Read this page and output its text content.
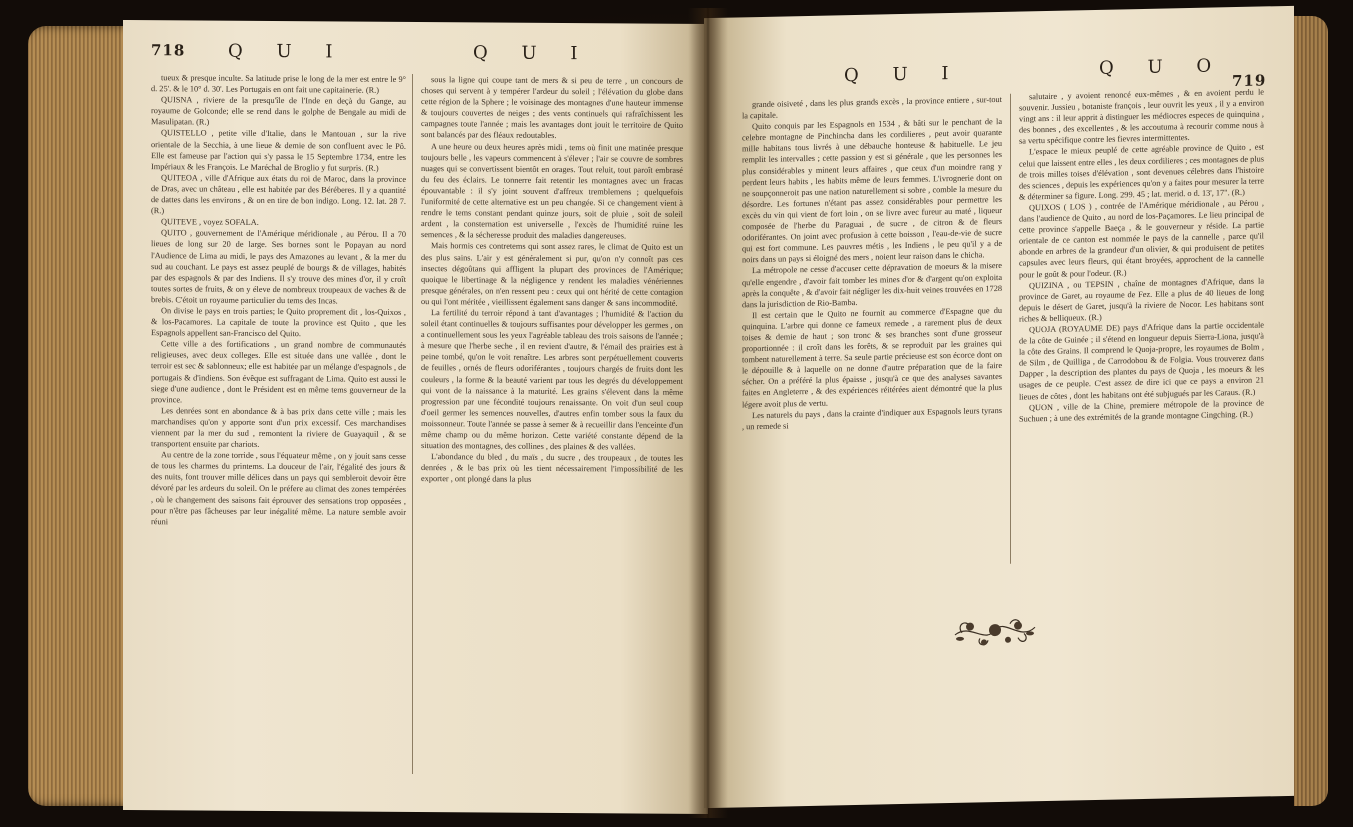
718 Q U I	Q U I

tueux & presque inculte. Sa latitude prise le long de la mer est entre le 9° d. 25'. & le 10° d. 30'. Les Portugais en ont fait une capitainerie. (R.)

QUISNA , riviere de la presqu'île de l'Inde en deçà du Gange, au royaume de Golconde; elle se rend dans le golphe de Bengale au midi de Masulipatan. (R.)

QUISTELLO , petite ville d'Italie, dans le Mantouan , sur la rive orientale de la Secchia, à une lieue & demie de son confluent avec le Pô. Elle est fameuse par l'action qui s'y passa le 15 Septembre 1734, entre les Impériaux & les François. Le Maréchal de Broglio y fut surpris. (R.)

QUITEOA , ville d'Afrique aux états du roi de Maroc, dans la province de Dras, avec un château , elle est habitée par des Béréberes. Il y a quantité de dattes dans les environs , & on en tire de bon indigo. Long. 12. lat. 28 7. (R.)

QUITEVE , voyez SOFALA.

QUITO , gouvernement de l'Amérique méridionale , au Pérou. Il a 70 lieues de long sur 20 de large. Ses bornes sont le Popayan au nord l'Audience de Lima au midi, le pays des Amazones au levant , & la mer du sud au couchant. Le pays est assez peuplé de bourgs & de villages, habités par des espagnols & par des Indiens. Il s'y trouve des mines d'or, il y croît toutes sortes de fruits, & on y éleve de nombreux troupeaux de vaches & de brebis. C'étoit un royaume particulier du tems des Incas.

On divise le pays en trois parties; le Quito proprement dit , los-Quixos , & los-Pacamores. La capitale de toute la province est Quito , que les Espagnols appellent san-Francisco del Quito.

Cette ville a des fortifications , un grand nombre de communautés religieuses, avec deux colleges. Elle est située dans une vallée , dont le terroir est sec & sablonneux; elle est habitée par un mélange d'espagnols , de portugais & d'indiens. Son évêque est suffragant de Lima. Quito est aussi le siege d'une audience , dont le Président est en même tems gouverneur de la province.

Les denrées sont en abondance & à bas prix dans cette ville ; mais les marchandises qu'on y apporte sont d'un prix excessif. Ces marchandises viennent par la mer du sud , remontent la riviere de Guayaquil , & se transportent ensuite par chariots.

Au centre de la zone torride , sous l'équateur même , on y jouit sans cesse de tous les charmes du printems. La douceur de l'air, l'égalité des jours & des nuits, font trouver mille délices dans un pays qui sembleroit devoir être dévoré par les ardeurs du soleil. On le préfere au climat des zones tempérées , où le changement des saisons fait éprouver des sensations trop opposées , pour n'être pas fâcheuses par leur inégalité même. La nature semble avoir réuni

sous la ligne qui coupe tant de mers & si peu de terre , un concours de choses qui servent à y tempérer l'ardeur du soleil ; l'élévation du globe dans cette région de la Sphere ; le voisinage des montagnes d'une hauteur immense & toujours couvertes de neiges ; des vents continuels qui rafraîchissent les campagnes toute l'année ; mais les avantages dont jouit le territoire de Quito sont balancés par des fléaux redoutables.

A une heure ou deux heures après midi , tems où finit une matinée presque toujours belle , les vapeurs commencent à s'élever ; l'air se couvre de sombres nuages qui se convertissent bientôt en orages. Tout reluit, tout paroît embrasé du feu des éclairs. Le tonnerre fait retentir les montagnes avec un fracas épouvantable : il s'y joint souvent d'affreux tremblemens ; quelquefois l'uniformité de cette alternative est un peu changée. Si ce changement vient à rendre le tems constant pendant quinze jours, soit de pluie , soit de soleil ardent , la consternation est universelle , l'excès de l'humidité ruine les semences , & la sécheresse produit des maladies dangereuses.

Mais hormis ces contretems qui sont assez rares, le climat de Quito est un des plus sains. L'air y est généralement si pur, qu'on n'y connoît pas ces insectes dégoûtans qui affligent la plupart des provinces de l'Amérique; quoique le libertinage & la négligence y rendent les maladies vénériennes presque générales, on n'en ressent peu : ceux qui ont hérité de cette contagion ou qui l'ont méritée , vieillissent également sans danger & sans incommodité.

La fertilité du terroir répond à tant d'avantages ; l'humidité & l'action du soleil étant continuelles & toujours suffisantes pour développer les germes , on a continuellement sous les yeux l'agréable tableau des trois saisons de l'année ; à mesure que l'herbe seche , il en revient d'autre, & l'émail des prairies est à peine tombé, qu'on le voit renaître. Les arbres sont perpétuellement couverts de feuilles , ornés de fleurs odoriférantes , toujours chargés de fruits dont les couleurs , la forme & la beauté varient par tous les degrés du développement qui vont de la naissance à la maturité. Les grains s'élevent dans la même progression par une fécondité toujours renaissante. On voit d'un seul coup d'oeil germer les semences nouvelles, d'autres enfin tomber sous la faux du moissonneur. Toute l'année se passe à semer & à recueillir dans l'enceinte d'un même champ ou du même horizon. Cette variété constante dépend de la situation des montagnes, des collines , des plaines & des vallées.

L'abondance du bled , du maïs , du sucre , des troupeaux , de toutes les denrées , & le bas prix où les tient nécessairement l'impossibilité de les exporter , ont plongé dans la plus

Q U I	Q U O
719

grande oisiveté , dans les plus grands excès , la province entiere , sur-tout la capitale.

Quito conquis par les Espagnols en 1534 , & bâti sur le penchant de la celebre montagne de Pinchincha dans les cordilieres , peut avoir quarante mille habitans tous livrés à une débauche honteuse & habituelle. Le jeu remplit les intervalles ; cette passion y est si générale , que les personnes les plus considérables y minent leurs affaires , que ceux d'un moindre rang y perdent leurs habits , les habits même de leurs femmes. L'ivrognerie dont on ne soupçonneroit pas une nation naturellement si sobre , comble la mesure du désordre. Les fortunes n'étant pas assez considérables pour permettre les excès du vin qui vient de fort loin , on se livre avec fureur au maté , liqueur composée de l'herbe du Paraguai , de sucre , de citron & de fleurs odoriférantes. On joint avec profusion à cette boisson , l'eau-de-vie de sucre qui est fort commune. Les pauvres métis , les Indiens , le peu qu'il y a de noirs dans un pays si éloigné des mers , noient leur raison dans le chicha.

La métropole ne cesse d'accuser cette dépravation de moeurs & la misere qu'elle engendre , d'avoir fait tomber les mines d'or & d'argent qu'on exploita après la conquête , & d'avoir fait négliger les dix-huit veines trouvées en 1728 dans la jurisdiction de Rio-Bamba.

Il est certain que le Quito ne fournit au commerce d'Espagne que du quinquina. L'arbre qui donne ce fameux remede , a rarement plus de deux toises & demie de haut ; son tronc & ses branches sont d'une grosseur proportionnée : il croît dans les forêts, & se reproduit par les graines qui tombent naturellement à terre. Sa seule partie précieuse est son écorce dont on le dépouille & à laquelle on ne donne d'autre préparation que de la faire sécher. On a préféré la plus épaisse , jusqu'à ce que des analyses savantes faites en Angleterre , & des expériences réitérées aient démontré que la plus légere avoit plus de vertu.

Les naturels du pays , dans la crainte d'indiquer aux Espagnols leurs tyrans , un remede si

salutaire , y avoient renoncé eux-mêmes , & en avoient perdu le souvenir. Jussieu , botaniste françois , leur ouvrit les yeux , il y a environ vingt ans : il leur apprit à distinguer les médiocres especes de quinquina , des bonnes , des excellentes , & les accoutuma à recourir comme nous à sa vertu spécifique contre les fievres intermittentes.

L'espace le mieux peuplé de cette agréable province de Quito , est celui que laissent entre elles , les deux cordilieres ; ces montagnes de plus de trois milles toises d'élévation , sont devenues célebres dans l'histoire des sciences , depuis les expériences qu'on y a faites pour mesurer la terre & déterminer sa figure. Long. 299. 45 ; lat. merid. o d. 13', 17". (R.)

QUIXOS ( LOS ) , contrée de l'Amérique méridionale , au Pérou , dans l'audience de Quito , au nord de los-Paçamores. Le lieu principal de cette province s'appelle Baeça , & le gouverneur y réside. La partie orientale de ce canton est nommée le pays de la cannelle , parce qu'il abonde en arbres de la grandeur d'un olivier, & qui produisent de petites capsules avec leurs fleurs, qui étant broyées, approchent de la cannelle pour le goût & pour l'odeur. (R.)

QUIZINA , ou TEPSIN , chaîne de montagnes d'Afrique, dans la province de Garet, au royaume de Fez. Elle a plus de 40 lieues de long depuis le désert de Garet, jusqu'à la riviere de Nocor. Les habitans sont riches & belliqueux. (R.)

QUOJA (ROYAUME DE) pays d'Afrique dans la partie occidentale de la côte de Guinée ; il s'étend en longueur depuis Sierra-Liona, jusqu'à la côte des Grains. Il comprend le Quoja-propre, les royaumes de Bolm , de Silm , de Quilliga , de Carrodobou & de Folgia. Vous trouverez dans Dapper , la description des plantes du pays de Quoja , les moeurs & les usages de ce peuple. C'est assez de dire ici que ce pays a environ 21 lieues de côtes , dont les habitans ont été subjugués par les Caraus. (R.)

QUON , ville de la Chine, premiere métropole de la province de Suchuen ; à une des extrémités de la grande montagne Cingching. (R.)
